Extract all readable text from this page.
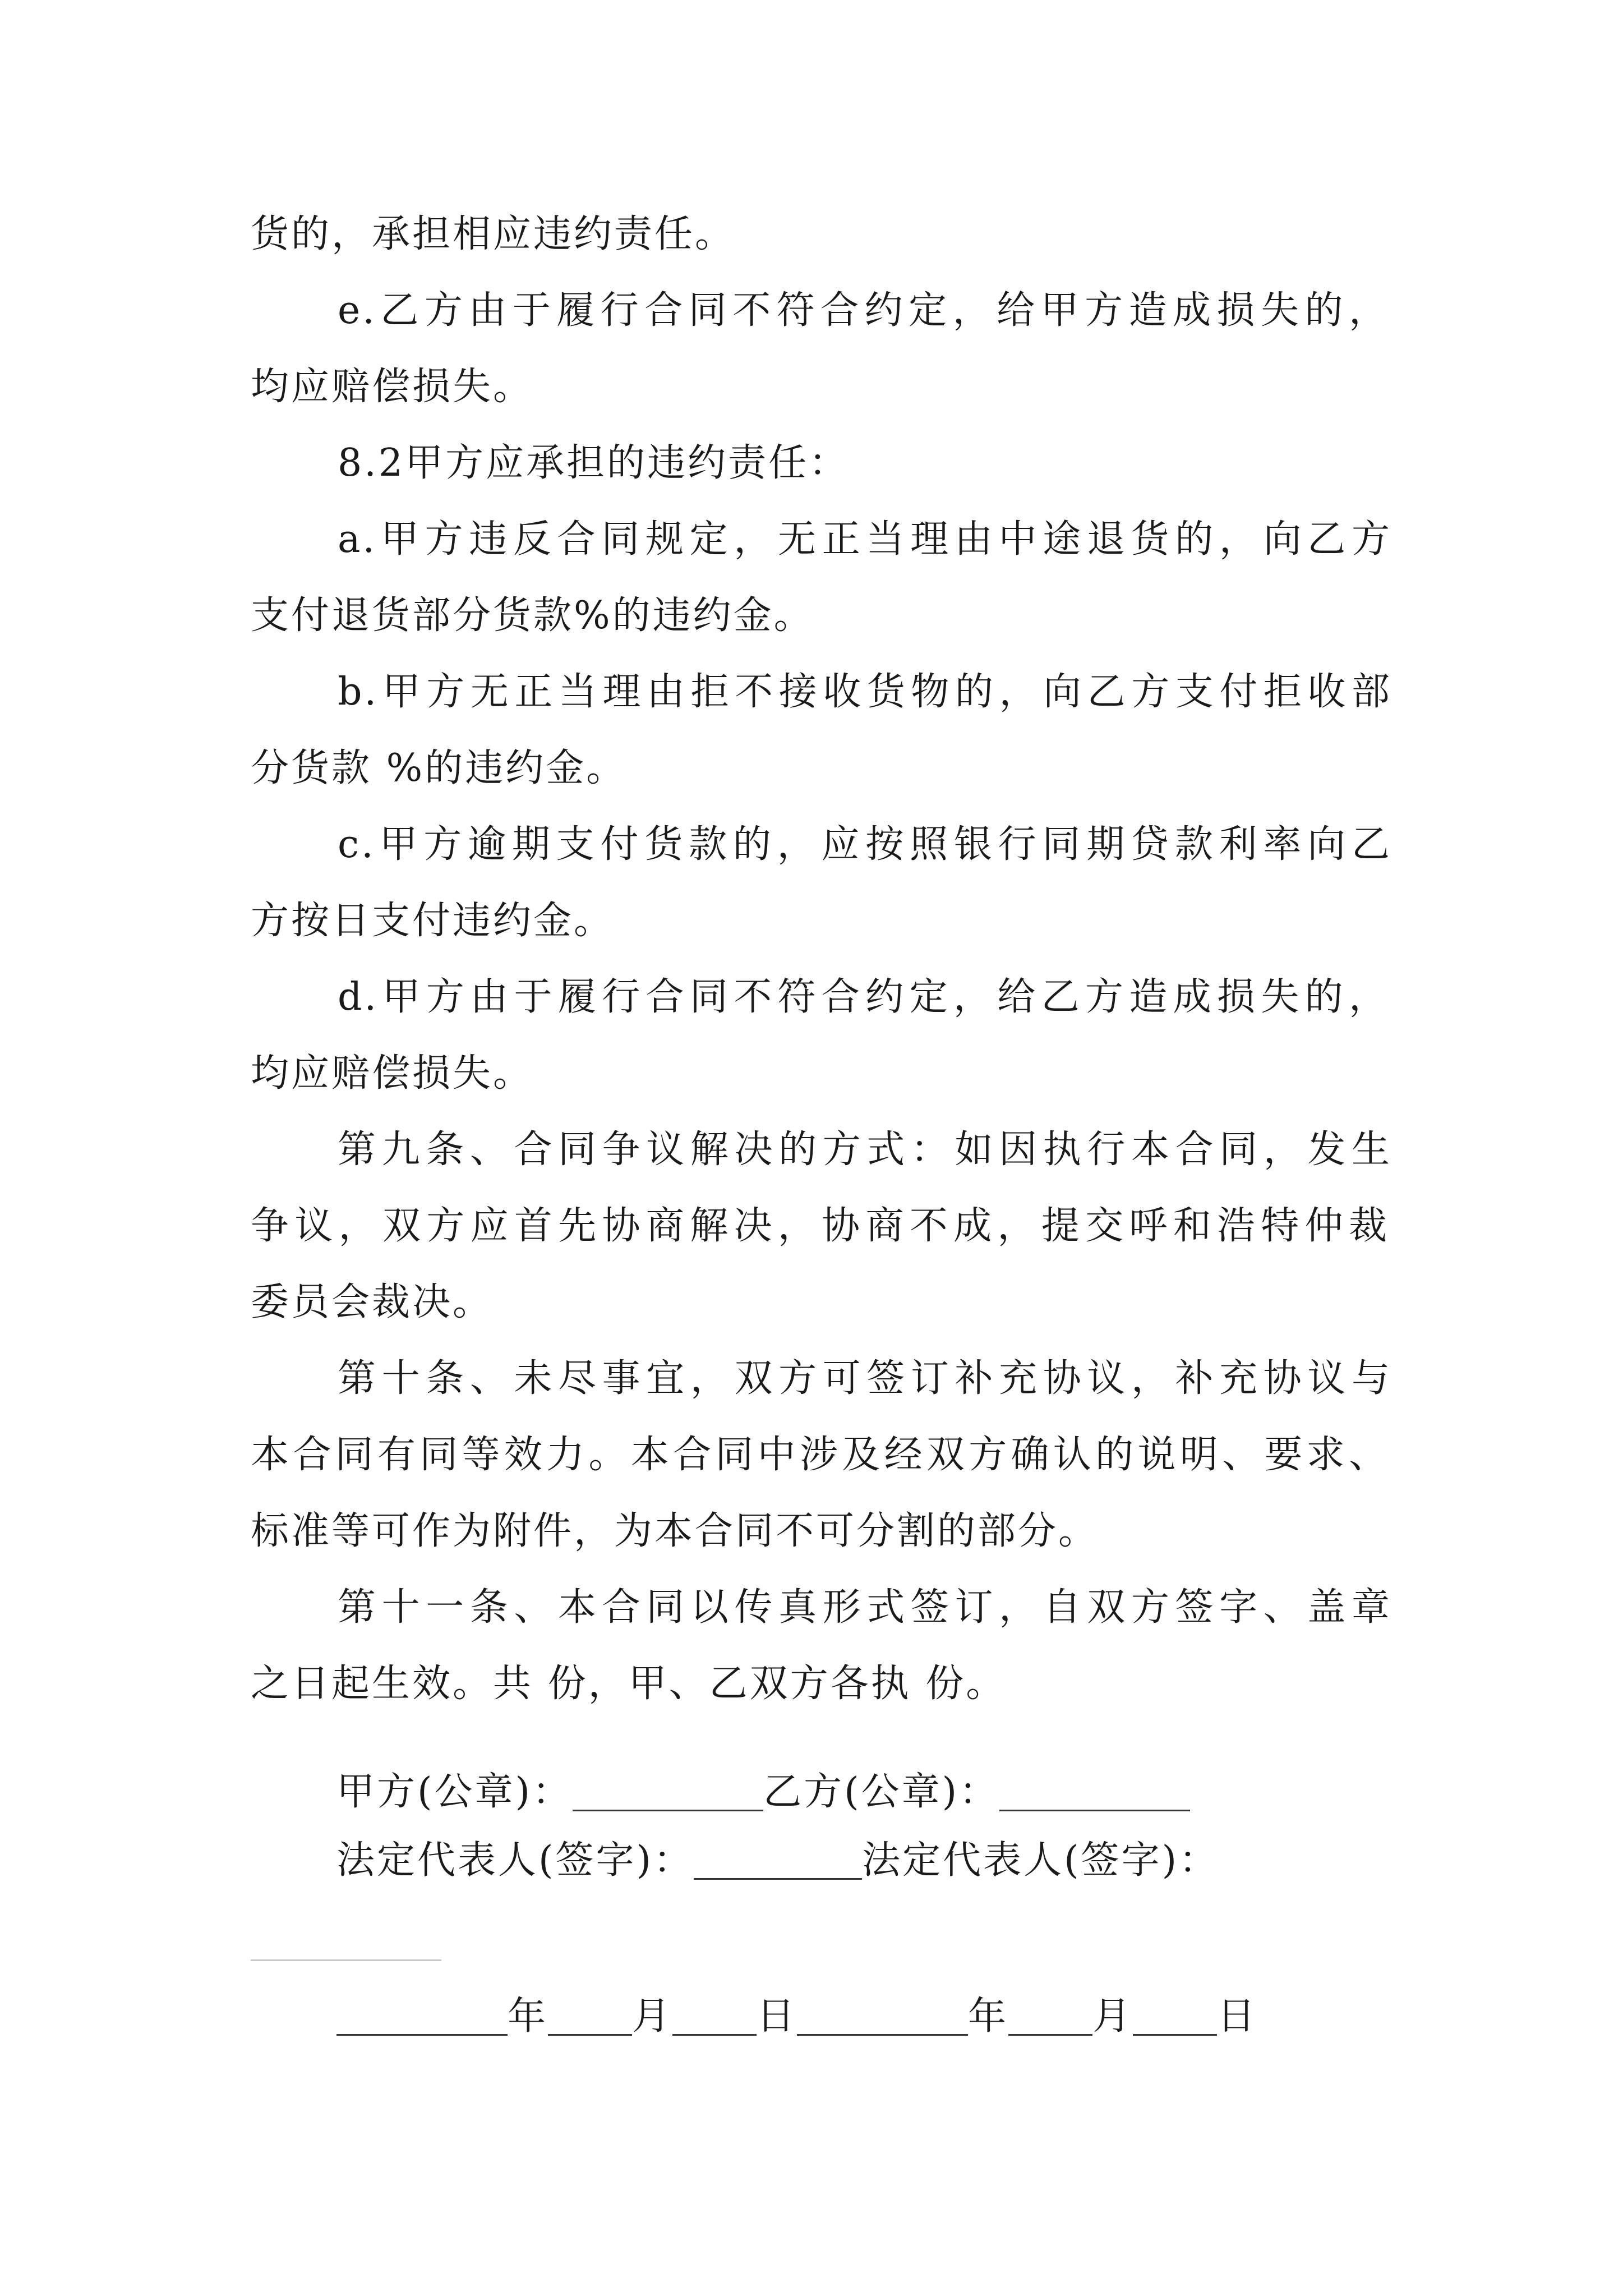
货的，承担相应违约责任。
e.乙方由于履行合同不符合约定，给甲方造成损失的，
均应赔偿损失。
8.2甲方应承担的违约责任：
a.甲方违反合同规定，无正当理由中途退货的，向乙方
支付退货部分货款%的违约金。
b.甲方无正当理由拒不接收货物的，向乙方支付拒收部
分货款 %的违约金。
c.甲方逾期支付货款的，应按照银行同期贷款利率向乙
方按日支付违约金。
d.甲方由于履行合同不符合约定，给乙方造成损失的，
均应赔偿损失。
第九条、合同争议解决的方式：如因执行本合同，发生
争议，双方应首先协商解决，协商不成，提交呼和浩特仲裁
委员会裁决。
第十条、未尽事宜，双方可签订补充协议，补充协议与
本合同有同等效力。本合同中涉及经双方确认的说明、要求、
标准等可作为附件，为本合同不可分割的部分。
第十一条、本合同以传真形式签订，自双方签字、盖章
之日起生效。共 份，甲、乙双方各执 份。
甲方(公章)：	乙方(公章)：
法定代表人(签字)：	法定代表人(签字)：
年 月 日	年 月 日
